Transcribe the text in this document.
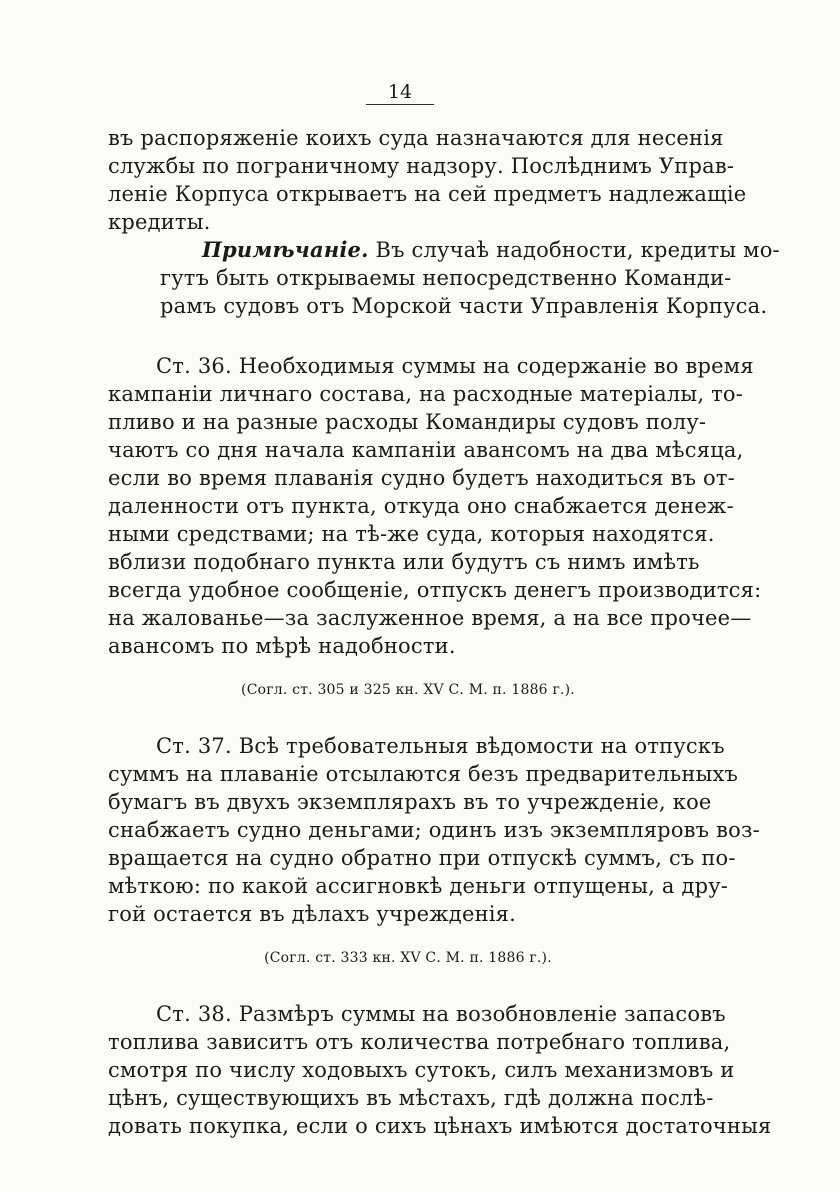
14
въ распоряженіе коихъ суда назначаются для несенія
службы по пограничному надзору. Послѣднимъ Управ-
леніе Корпуса открываетъ на сей предметъ надлежащіе
кредиты.
Примѣчаніе. Въ случаѣ надобности, кредиты мо-
гутъ быть открываемы непосредственно Команди-
рамъ судовъ отъ Морской части Управленія Корпуса.
Ст. 36. Необходимыя суммы на содержаніе во время
кампаніи личнаго состава, на расходные матеріалы, то-
пливо и на разные расходы Командиры судовъ полу-
чаютъ со дня начала кампаніи авансомъ на два мѣсяца,
если во время плаванія судно будетъ находиться въ от-
даленности отъ пункта, откуда оно снабжается денеж-
ными средствами; на тѣ-же суда, которыя находятся.
вблизи подобнаго пункта или будутъ съ нимъ имѣть
всегда удобное сообщеніе, отпускъ денегъ производится:
на жалованье—за заслуженное время, а на все прочее—
авансомъ по мѣрѣ надобности.
(Согл. ст. 305 и 325 кн. XV С. М. п. 1886 г.).
Ст. 37. Всѣ требовательныя вѣдомости на отпускъ
суммъ на плаваніе отсылаются безъ предварительныхъ
бумагъ въ двухъ экземплярахъ въ то учрежденіе, кое
снабжаетъ судно деньгами; одинъ изъ экземпляровъ воз-
вращается на судно обратно при отпускѣ суммъ, съ по-
мѣткою: по какой ассигновкѣ деньги отпущены, а дру-
гой остается въ дѣлахъ учрежденія.
(Согл. ст. 333 кн. XV С. М. п. 1886 г.).
Ст. 38. Размѣръ суммы на возобновленіе запасовъ
топлива зависитъ отъ количества потребнаго топлива,
смотря по числу ходовыхъ сутокъ, силъ механизмовъ и
цѣнъ, существующихъ въ мѣстахъ, гдѣ должна послѣ-
довать покупка, если о сихъ цѣнахъ имѣются достаточныя
